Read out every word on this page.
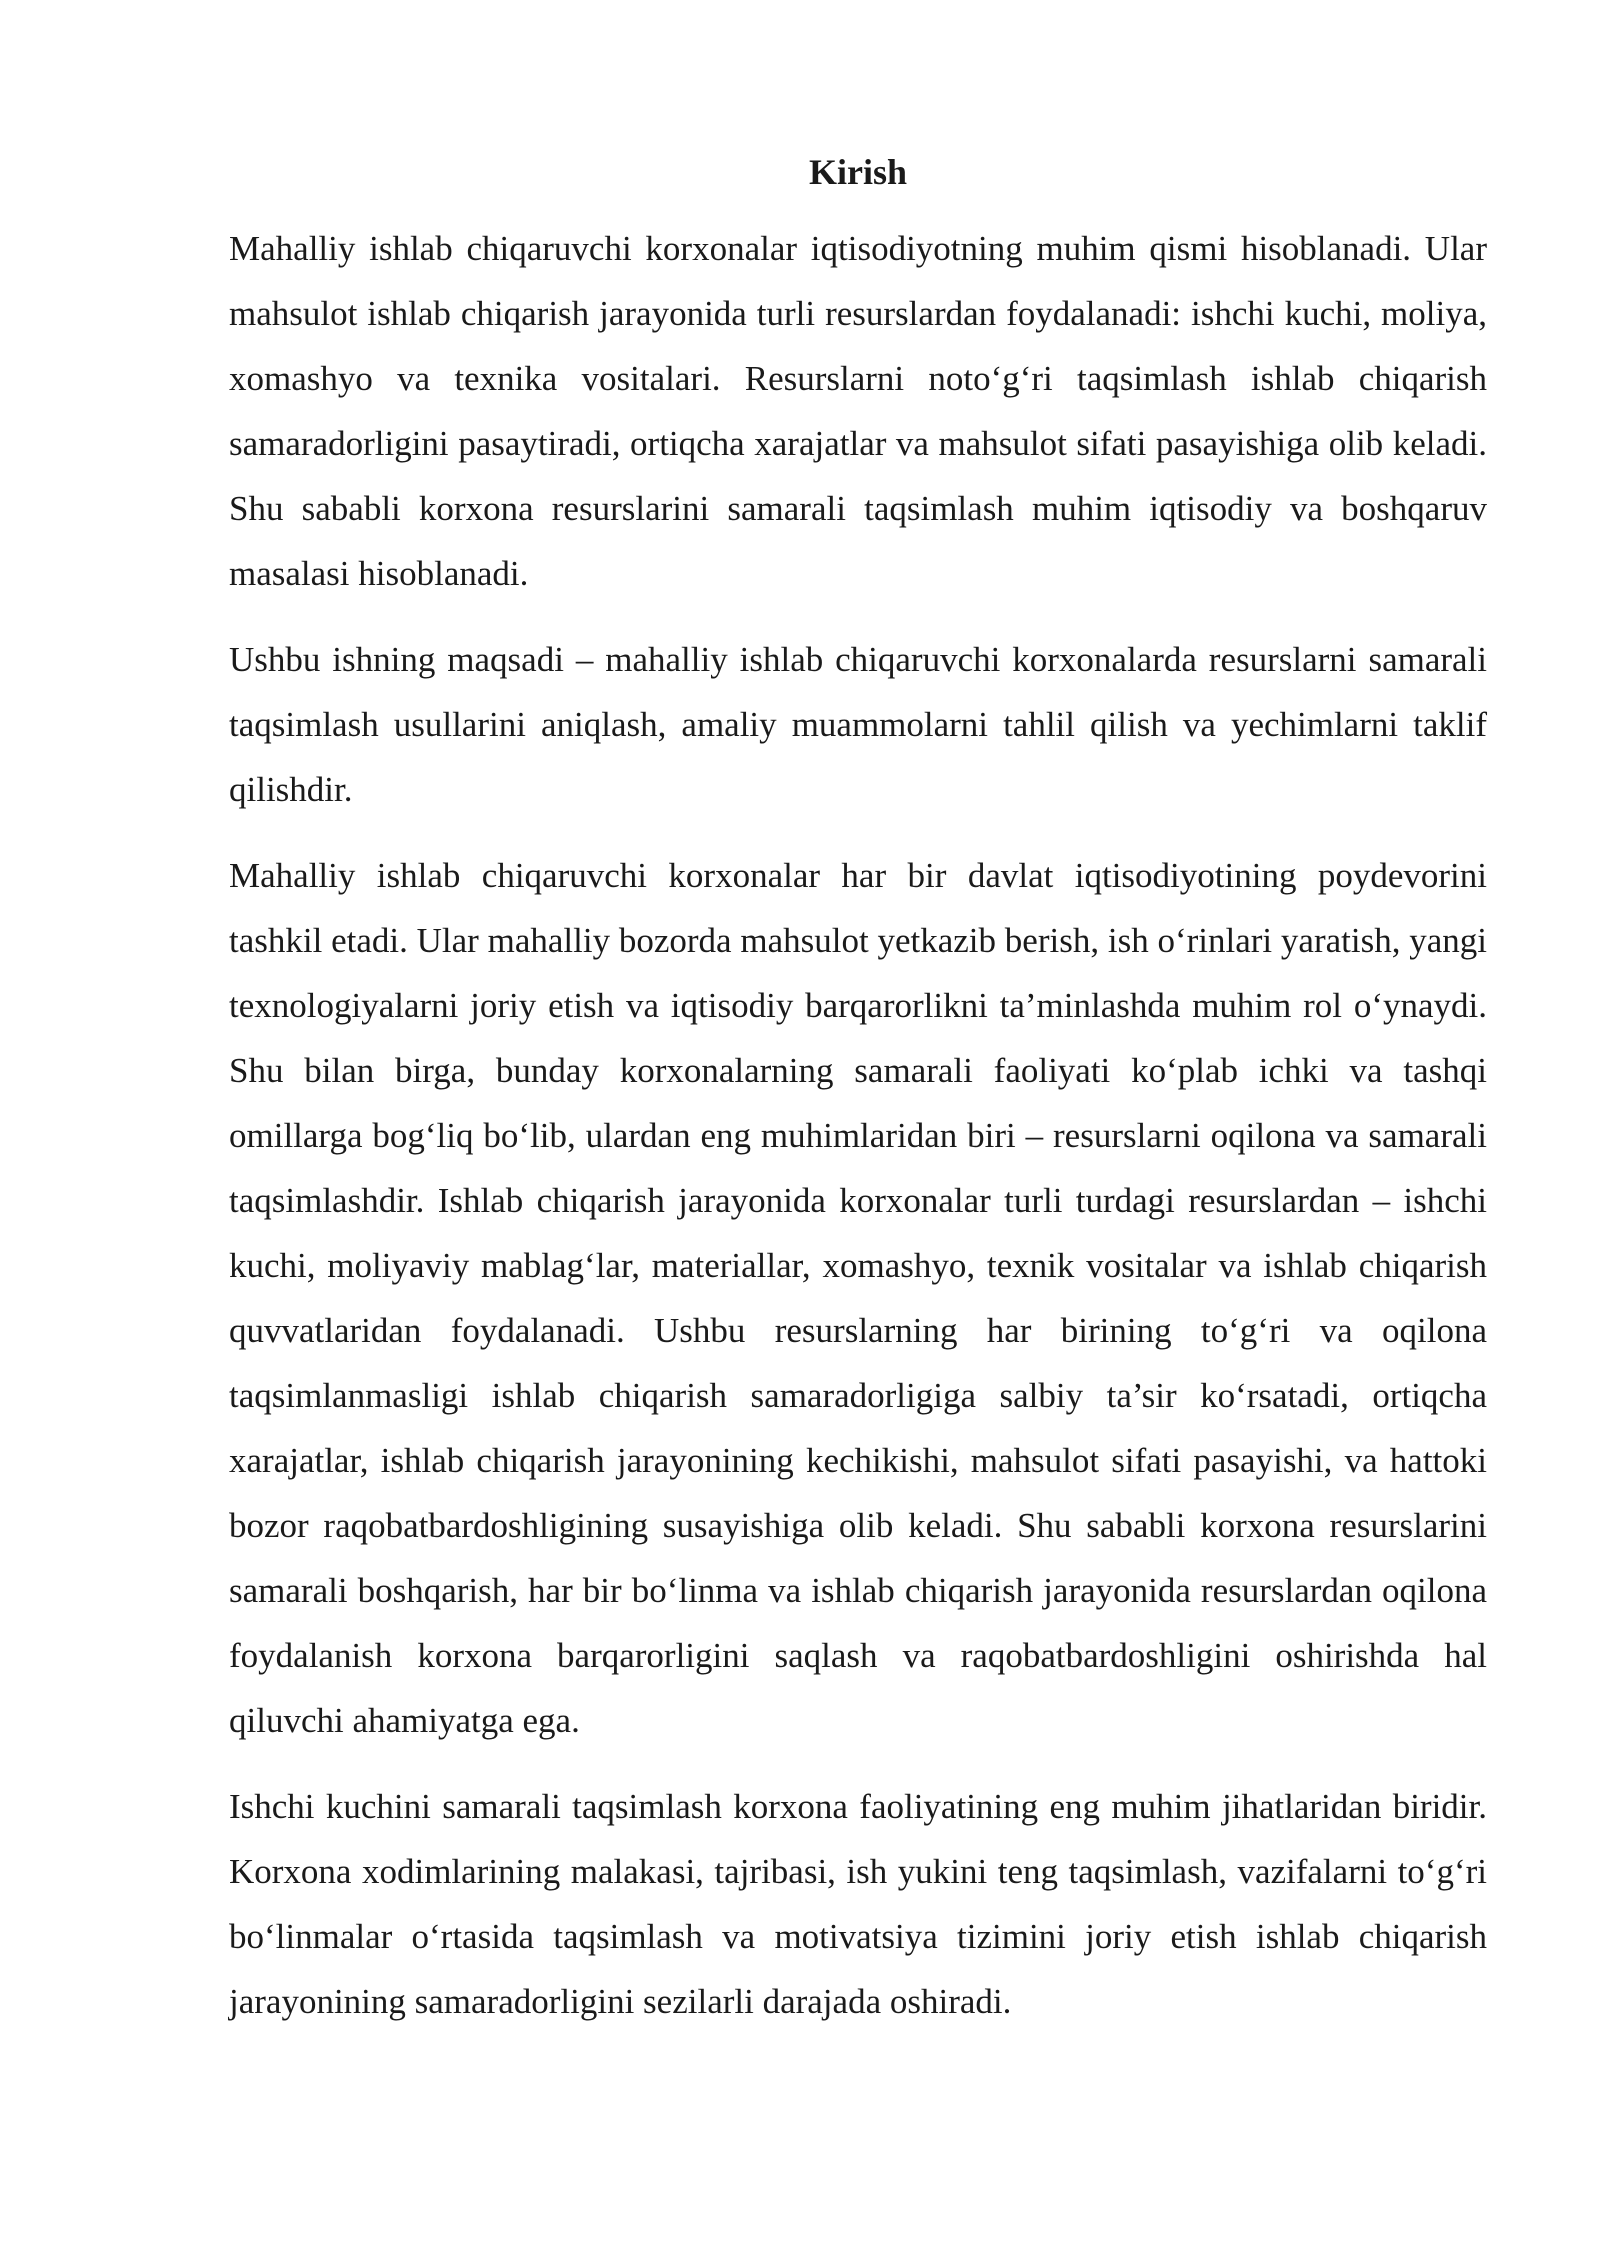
Kirish

Mahalliy ishlab chiqaruvchi korxonalar iqtisodiyotning muhim qismi hisoblanadi. Ular mahsulot ishlab chiqarish jarayonida turli resurslardan foydalanadi: ishchi kuchi, moliya, xomashyo va texnika vositalari. Resurslarni noto‘g‘ri taqsimlash ishlab chiqarish samaradorligini pasaytiradi, ortiqcha xarajatlar va mahsulot sifati pasayishiga olib keladi. Shu sababli korxona resurslarini samarali taqsimlash muhim iqtisodiy va boshqaruv masalasi hisoblanadi.

Ushbu ishning maqsadi – mahalliy ishlab chiqaruvchi korxonalarda resurslarni samarali taqsimlash usullarini aniqlash, amaliy muammolarni tahlil qilish va yechimlarni taklif qilishdir.

Mahalliy ishlab chiqaruvchi korxonalar har bir davlat iqtisodiyotining poydevorini tashkil etadi. Ular mahalliy bozorda mahsulot yetkazib berish, ish o‘rinlari yaratish, yangi texnologiyalarni joriy etish va iqtisodiy barqarorlikni ta’minlashda muhim rol o‘ynaydi. Shu bilan birga, bunday korxonalarning samarali faoliyati ko‘plab ichki va tashqi omillarga bog‘liq bo‘lib, ulardan eng muhimlaridan biri – resurslarni oqilona va samarali taqsimlashdir. Ishlab chiqarish jarayonida korxonalar turli turdagi resurslardan – ishchi kuchi, moliyaviy mablag‘lar, materiallar, xomashyo, texnik vositalar va ishlab chiqarish quvvatlaridan foydalanadi. Ushbu resurslarning har birining to‘g‘ri va oqilona taqsimlanmasligi ishlab chiqarish samaradorligiga salbiy ta’sir ko‘rsatadi, ortiqcha xarajatlar, ishlab chiqarish jarayonining kechikishi, mahsulot sifati pasayishi, va hattoki bozor raqobatbardoshligining susayishiga olib keladi. Shu sababli korxona resurslarini samarali boshqarish, har bir bo‘linma va ishlab chiqarish jarayonida resurslardan oqilona foydalanish korxona barqarorligini saqlash va raqobatbardoshligini oshirishda hal qiluvchi ahamiyatga ega.

Ishchi kuchini samarali taqsimlash korxona faoliyatining eng muhim jihatlaridan biridir. Korxona xodimlarining malakasi, tajribasi, ish yukini teng taqsimlash, vazifalarni to‘g‘ri bo‘linmalar o‘rtasida taqsimlash va motivatsiya tizimini joriy etish ishlab chiqarish jarayonining samaradorligini sezilarli darajada oshiradi.
